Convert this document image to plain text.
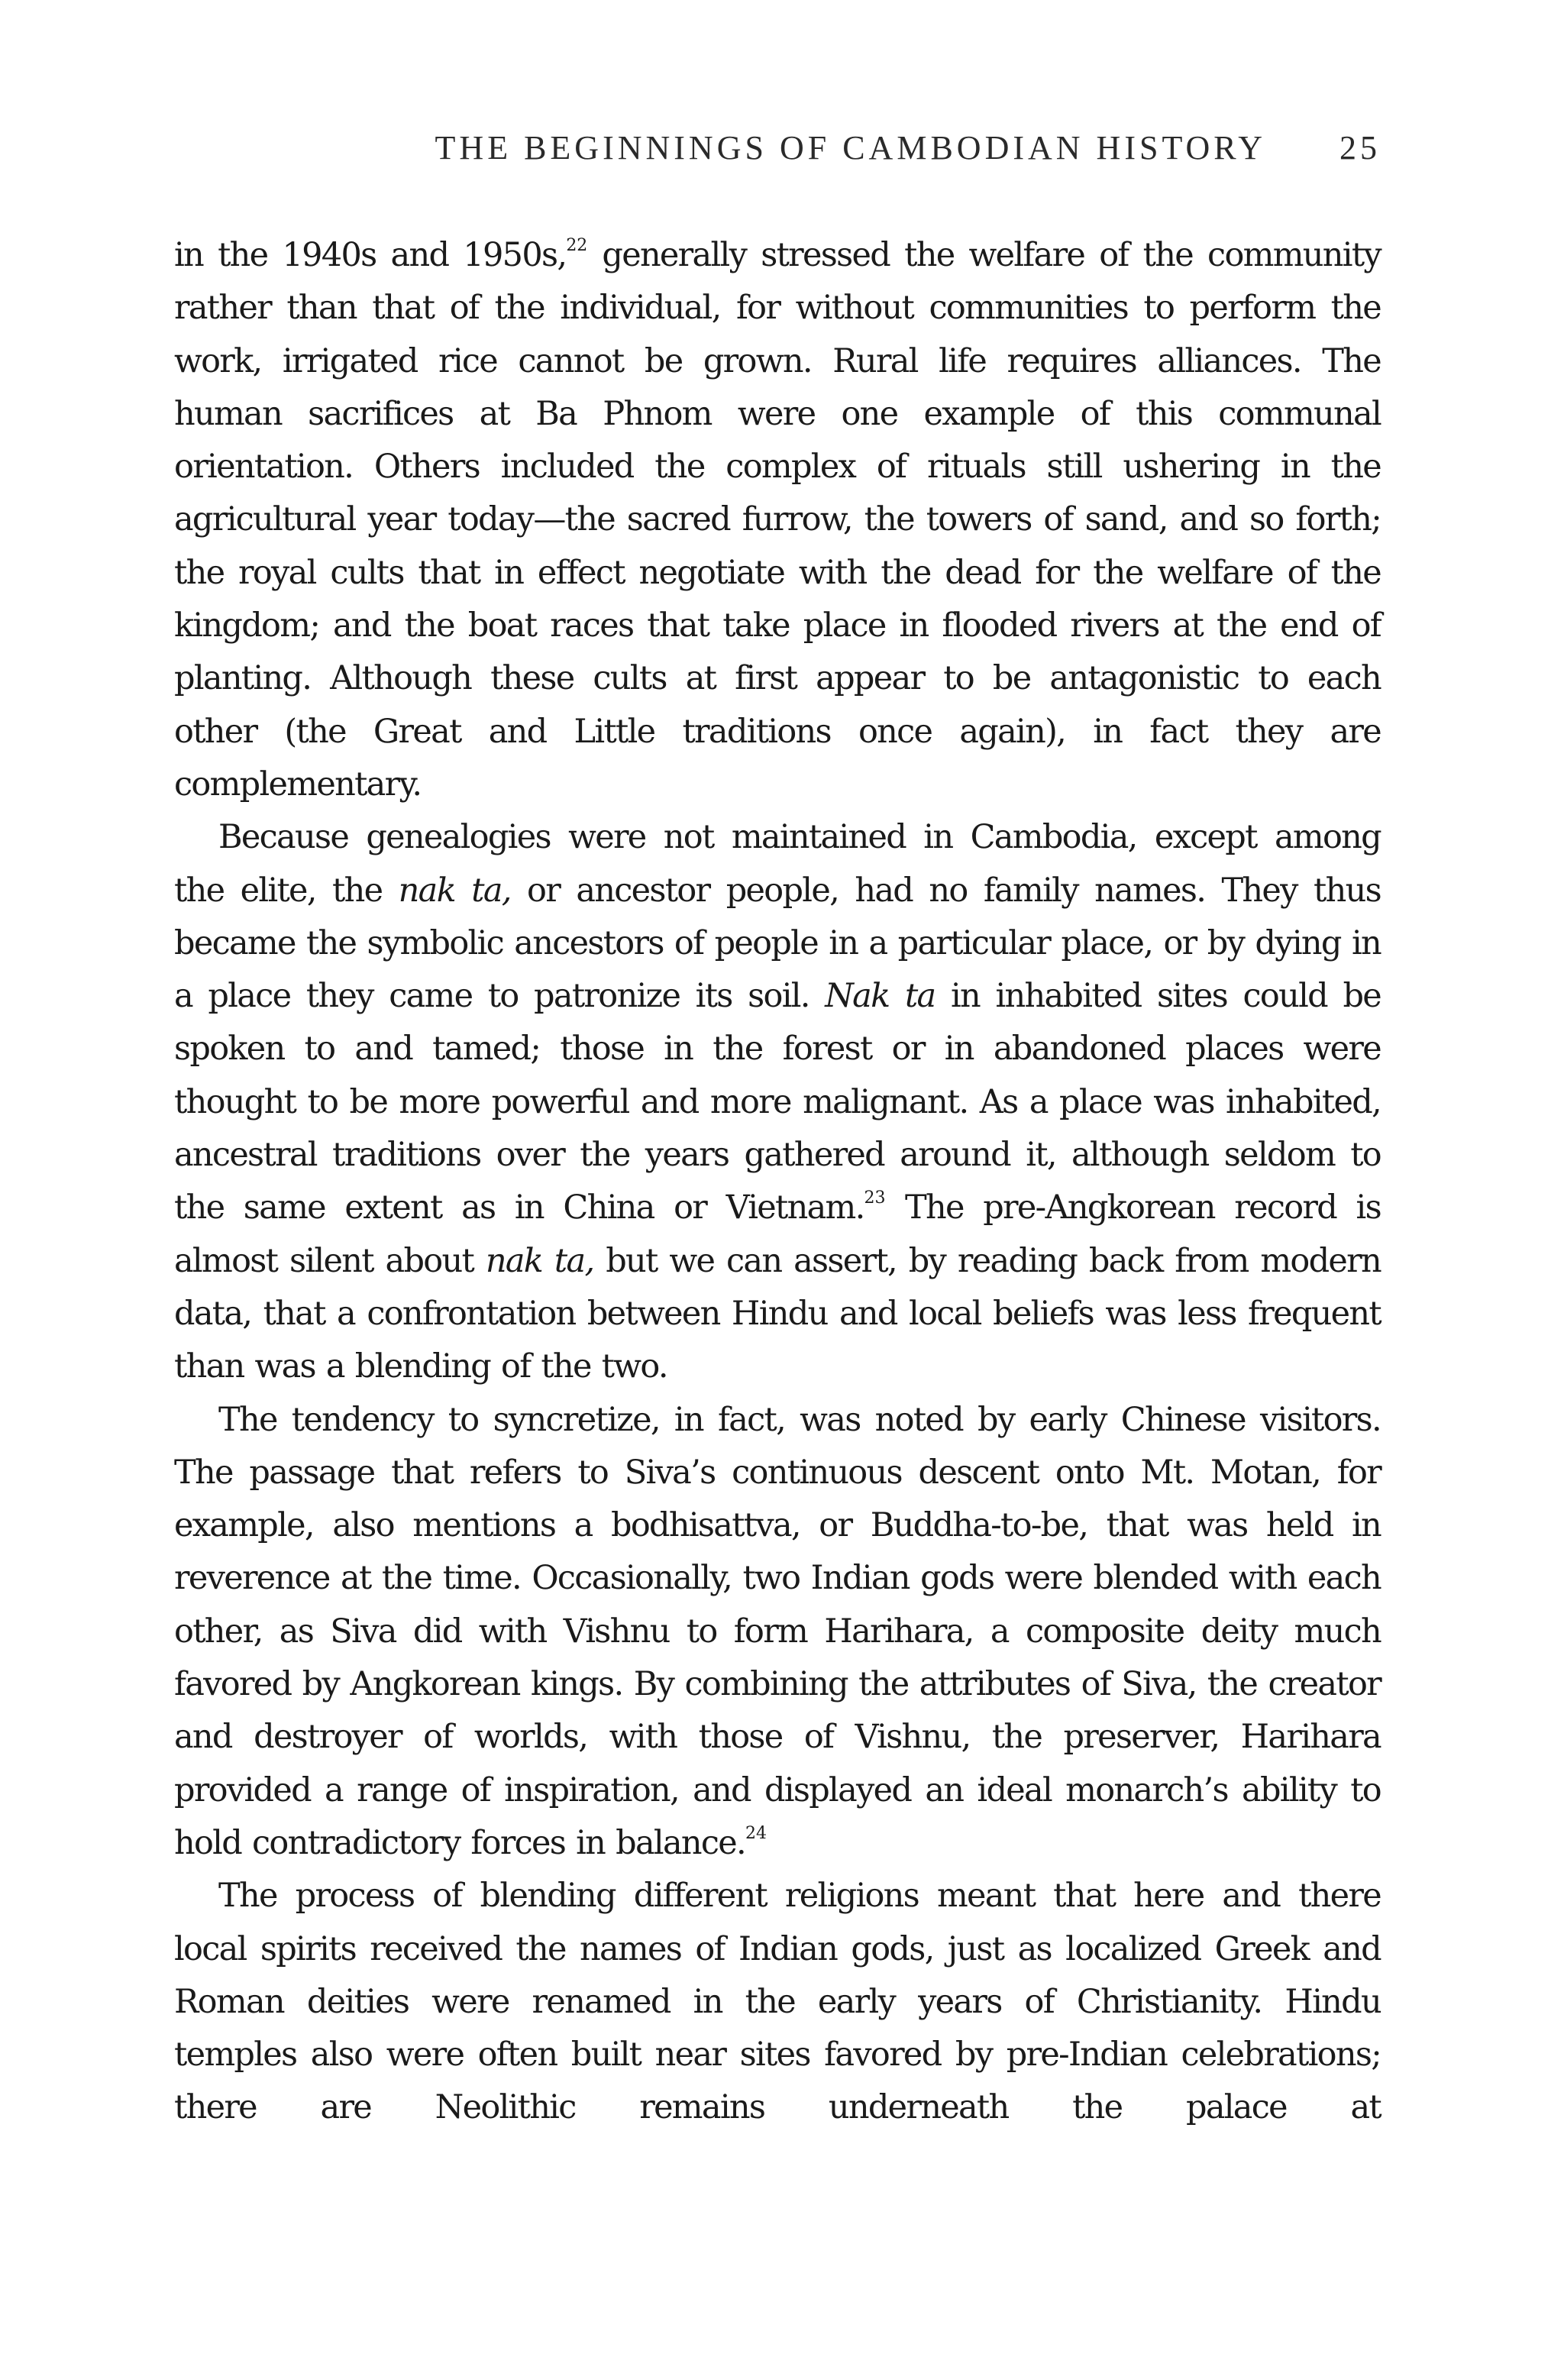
THE BEGINNINGS OF CAMBODIAN HISTORY 25

in the 1940s and 1950s,$^{22}$ generally stressed the welfare of the community rather than that of the individual, for without communities to perform the work, irrigated rice cannot be grown. Rural life requires alliances. The human sacrifices at Ba Phnom were one example of this communal orientation. Others included the complex of rituals still ushering in the agricultural year today—the sacred furrow, the towers of sand, and so forth; the royal cults that in effect negotiate with the dead for the welfare of the kingdom; and the boat races that take place in flooded rivers at the end of planting. Although these cults at first appear to be antagonistic to each other (the Great and Little traditions once again), in fact they are complementary.

Because genealogies were not maintained in Cambodia, except among the elite, the nak ta, or ancestor people, had no family names. They thus became the symbolic ancestors of people in a particular place, or by dying in a place they came to patronize its soil. Nak ta in inhabited sites could be spoken to and tamed; those in the forest or in abandoned places were thought to be more powerful and more malignant. As a place was inhabited, ancestral traditions over the years gathered around it, although seldom to the same extent as in China or Vietnam.$^{23}$ The pre-Angkorean record is almost silent about nak ta, but we can assert, by reading back from modern data, that a confrontation between Hindu and local beliefs was less frequent than was a blending of the two.

The tendency to syncretize, in fact, was noted by early Chinese visitors. The passage that refers to Siva’s continuous descent onto Mt. Motan, for example, also mentions a bodhisattva, or Buddha-to-be, that was held in reverence at the time. Occasionally, two Indian gods were blended with each other, as Siva did with Vishnu to form Harihara, a composite deity much favored by Angkorean kings. By combining the attributes of Siva, the creator and destroyer of worlds, with those of Vishnu, the preserver, Harihara provided a range of inspiration, and displayed an ideal monarch’s ability to hold contradictory forces in balance.$^{24}$

The process of blending different religions meant that here and there local spirits received the names of Indian gods, just as localized Greek and Roman deities were renamed in the early years of Christianity. Hindu temples also were often built near sites favored by pre-Indian celebrations; there are Neolithic remains underneath the palace at
